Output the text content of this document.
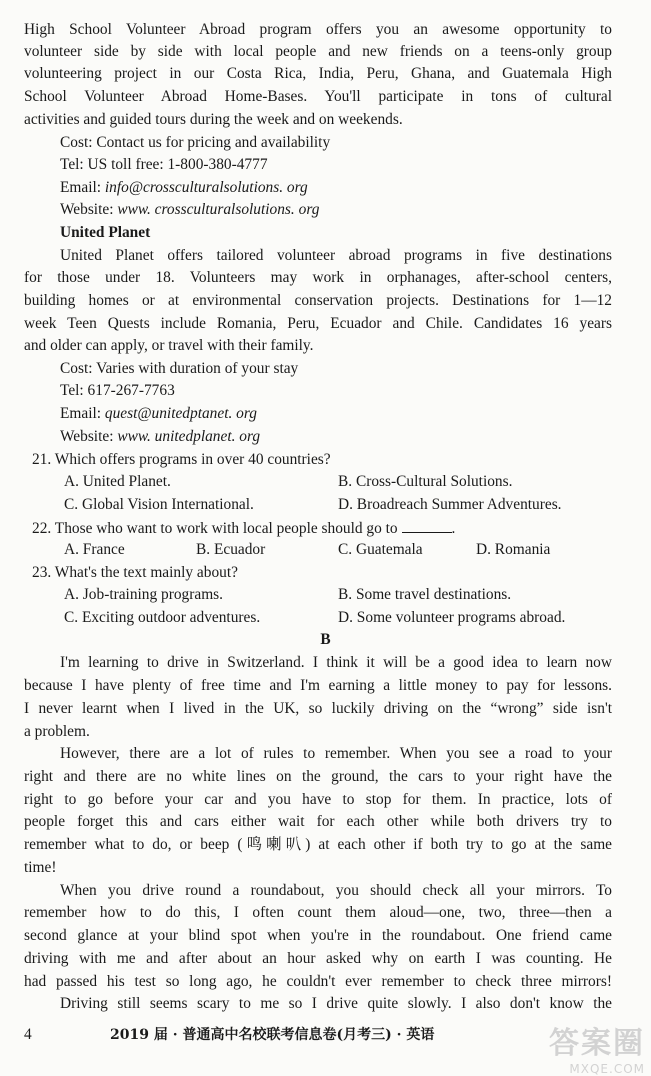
High School Volunteer Abroad program offers you an awesome opportunity to
volunteer side by side with local people and new friends on a teens-only group
volunteering project in our Costa Rica, India, Peru, Ghana, and Guatemala High
School Volunteer Abroad Home-Bases. You'll participate in tons of cultural
activities and guided tours during the week and on weekends.
Cost: Contact us for pricing and availability
Tel: US toll free: 1-800-380-4777
Email: info@crossculturalsolutions. org
Website: www. crossculturalsolutions. org
United Planet
United Planet offers tailored volunteer abroad programs in five destinations
for those under 18. Volunteers may work in orphanages, after-school centers,
building homes or at environmental conservation projects. Destinations for 1—12
week Teen Quests include Romania, Peru, Ecuador and Chile. Candidates 16 years
and older can apply, or travel with their family.
Cost: Varies with duration of your stay
Tel: 617-267-7763
Email: quest@unitedptanet. org
Website: www. unitedplanet. org
21. Which offers programs in over 40 countries?
A. United Planet.	B. Cross-Cultural Solutions.
C. Global Vision International.	D. Broadreach Summer Adventures.
22. Those who want to work with local people should go to	.
A. France	B. Ecuador	C. Guatemala	D. Romania
23. What's the text mainly about?
A. Job-training programs.	B. Some travel destinations.
C. Exciting outdoor adventures.	D. Some volunteer programs abroad.
B
I'm learning to drive in Switzerland. I think it will be a good idea to learn now
because I have plenty of free time and I'm earning a little money to pay for lessons.
I never learnt when I lived in the UK, so luckily driving on the “wrong” side isn't
a problem.
However, there are a lot of rules to remember. When you see a road to your
right and there are no white lines on the ground, the cars to your right have the
right to go before your car and you have to stop for them. In practice, lots of
people forget this and cars either wait for each other while both drivers try to
remember what to do, or beep (鸣喇叭) at each other if both try to go at the same
time!
When you drive round a roundabout, you should check all your mirrors. To
remember how to do this, I often count them aloud—one, two, three—then a
second glance at your blind spot when you're in the roundabout. One friend came
driving with me and after about an hour asked why on earth I was counting. He
had passed his test so long ago, he couldn't ever remember to check three mirrors!
Driving still seems scary to me so I drive quite slowly. I also don't know the
4	2019 届 · 普通高中名校联考信息卷(月考三) · 英语	答案圈
MXQE.COM
